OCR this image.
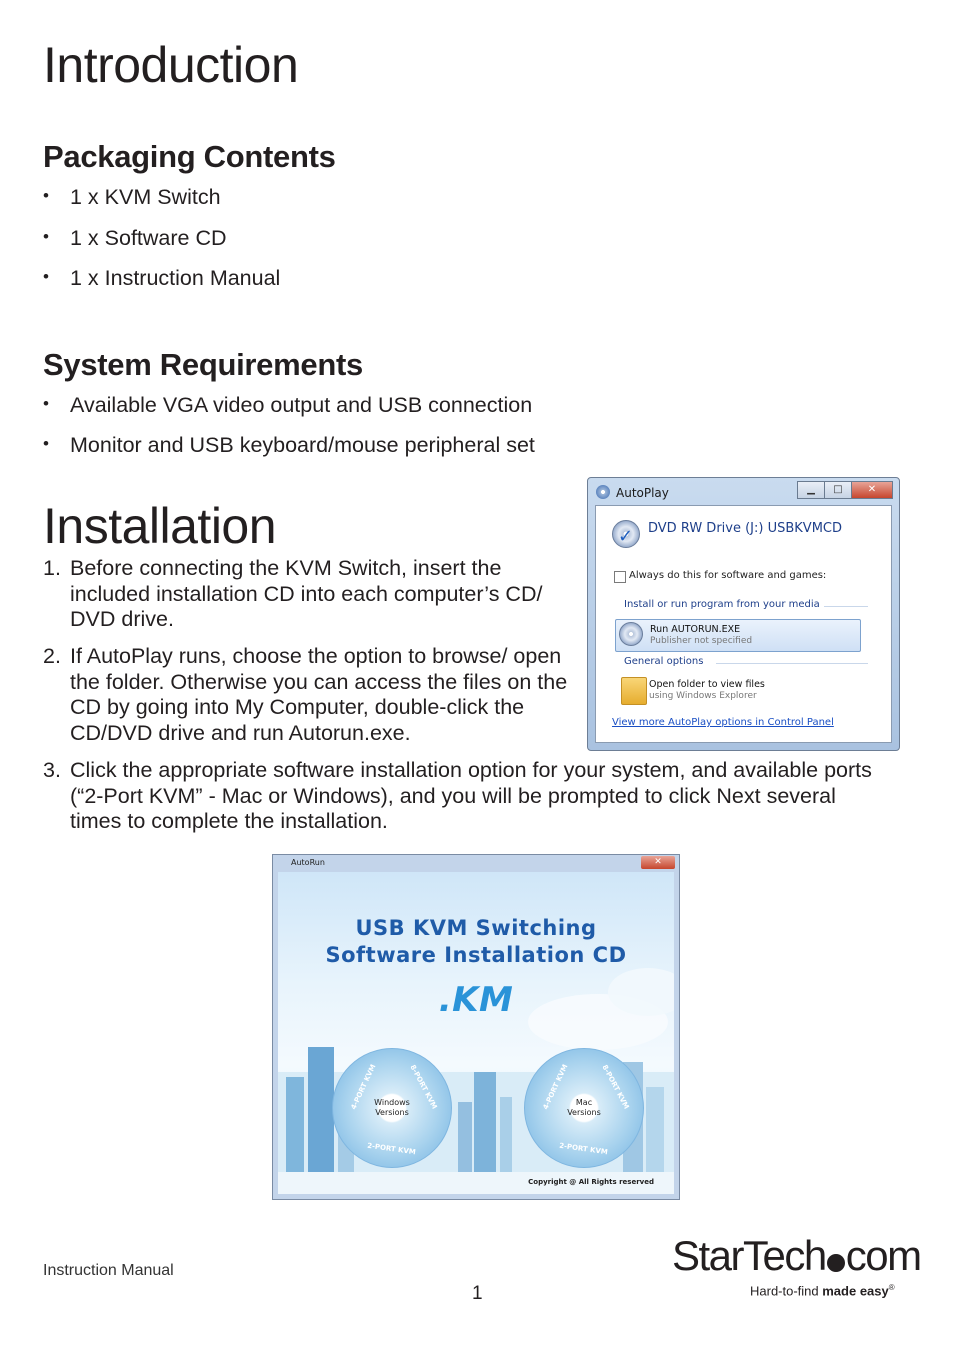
Introduction
Packaging Contents
• 1 x KVM Switch
• 1 x Software CD
• 1 x Instruction Manual
System Requirements
• Available VGA video output and USB connection
• Monitor and USB keyboard/mouse peripheral set
Installation

1. Before connecting the KVM Switch, insert the included installation CD into each computer’s CD/ DVD drive.

2. If AutoPlay runs, choose the option to browse/ open the folder. Otherwise you can access the files on the CD by going into My Computer, double-click the CD/DVD drive and run Autorun.exe.

3. Click the appropriate software installation option for your system, and available ports (“2-Port KVM” - Mac or Windows), and you will be prompted to click Next several times to complete the installation.

AutoPlay	▁	□	✕
✓ DVD RW Drive (J:) USBKVMCD
Always do this for software and games:
Install or run program from your media
Run AUTORUN.EXE
Publisher not specified
General options
Open folder to view files
using Windows Explorer
View more AutoPlay options in Control Panel
AutoRun	✕
USB KVM Switching
Software Installation CD
.KM
Windows
Versions
4-PORT KVM	8-PORT KVM
2-PORT KVM
Mac
Versions
4-PORT KVM	8-PORT KVM
2-PORT KVM
Copyright @ All Rights reserved
Instruction Manual
1
StarTech com
Hard-to-find made easy®
